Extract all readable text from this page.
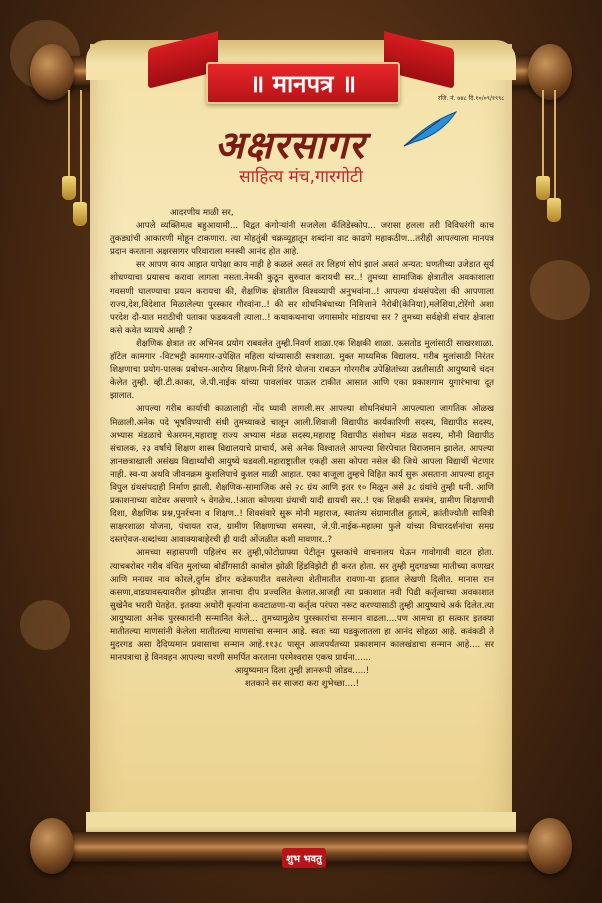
॥ मानपत्र ॥
रजि. नं. ७४८ दि.१०/०९/१९९८
अक्षरसागर
साहित्य मंच,गारगोटी

आदरणीय माळी सर,

आपले व्यक्तिमत्व बहुआयामी... विद्वत कंगोऱ्यांनी सजलेला कॅलिडेस्कोप... जरासा हलला तरी विविधरंगी काच तुकड्यांची आकारणी मोहून टाकणारा. त्या मोहतुंबी चक्रव्यूहातून शब्दांना वाट काढणे महाकठीण...तरीही आपल्याला मानपत्र प्रदान करताना अक्षरसागर परिवाराला मनस्वी आनंद होत आहे.

सर आपण काय आहात यापेक्षा काय नाही हे कळलं असतं तर लिहणं सोपं झालं असतं अन्यत: घणतीच्या उजेडात सूर्य शोधण्याचा प्रयासच करावा लागला नसता.नेमकी कुठून सुरुवात करायची सर..! तुमच्या सामाजिक क्षेत्रातील अवकाशाला गवसणी घालण्याचा प्रयत्न करायचा की, शैक्षणिक क्षेत्रातील विश्वव्यापी अनुभवांना..! आपल्या ग्रंथसंपदेला की आपणाला राज्य,देश,विदेशात मिळालेल्या पुरस्कार गौरवांना..! की सर शोधनिबंधाच्या निमित्ताने नैरोबी(केनिया),मलेशिया,टोरेंगो अशा परदेश दौ-यात मराठीची पताका फडकवली त्याला..! कथाकथनाचा जगासमोर मांडायचा सर ? तुमच्या सर्वक्षेत्री संचार क्षेत्राला कसे कवेत घ्यायचे आम्ही ?

शैक्षणिक क्षेत्रात तर अभिनव प्रयोग राबवलेत तुम्ही.निवर्ण शाळा.एक शिक्षकी शाळा. ऊसतोड मुलांसाठी साखरशाळा. हॉटेल कामगार -विटभट्टी कामगार-उपेक्षित महिला यांच्यासाठी सत्रशाळा. मुक्त माध्यमिक विद्यालय. गरीब मुलांसाठी निरंतर शिक्षणाचा प्रयोग-पालक प्रबोधन-आरोग्य शिक्षण-मिनी दिंगरे योजना राबऊन गोरगरीब उपेक्षितांच्या उन्नतीसाठी आयुष्याचे चंदन केलेत तुम्ही. व्ही.टी.काका, जे.पी.नाईक यांच्या पावलांवर पाऊल टाकीत आसात आणि एका प्रकाशगाम युगारंभाचा दूत झालात.

आपल्या गरीब कार्याची काळालाही नोंद घ्यावी लागली.सर आपल्या शोधनिबंधाने आपल्याला जागतिक ओळख मिळाली.अनेक पदे भूषविण्याची संधी तुमच्याकडे चालून आली.शिवाजी विद्यापीठ कार्यकारिणी सदस्य, विद्यापीठ सदस्य, अभ्यास मंडळाचे चेअरमन,महाराष्ट्र राज्य अभ्यास मंडळ सदस्य,महाराष्ट्र विद्यापीठ संशोधन मंडळ सदस्य, मौनी विद्यापीठ संचालक, २३ वर्षांचे शिक्षण शास्त्र विद्यालयाचे प्राचार्य, असे अनेक विश्वातले आपल्या शिरपेचात विराजमान झालेत. आपल्या ज्ञानछत्राखाली असंख्य विद्यार्थ्यांची आयुष्ये घडवली.महाराष्ट्रातील एकही असा कोपरा नसेल की जिथे आपला विद्यार्थी भेटणार नाही. स्व-या अथवि जीवनक्रम कुशलिपाचे कुशल माळी आहात. एका बाजूला तुम्हचे विहित कार्य सुरू असताना आपल्या हातून विपुल ग्रंथसंपदाही निर्माण झाली. शैक्षणिक-सामाजिक असे २८ ग्रंथ आणि इतर १० मिळून असे ३८ ग्रंथांचे तुम्ही धनी. आणि प्रकाशनाच्या वाटेवर असणारे ५ वेगळेच..!आता कोणत्या ग्रंथाची यादी द्यायची सर..! एक शिक्षकी सत्रमंत्र, ग्रामीण शिक्षणाची दिशा, शैक्षणिक प्रश्न,पुनर्रचना व शिक्षण..! शिवसंवारे सुरू मोनी महाराज, स्वातंत्र्य संग्रामातील हुतात्मे, क्रांतीज्योती सावित्री साक्षरशाळा योजना, पंचायत राज, ग्रामीण शिक्षणाच्या समस्या, जे.पी.नाईक-महात्मा फुले यांच्या विचारदर्शनांचा समग्र दस्तऐवज-शब्दांच्या आवाक्याबाहेरची ही यादी ओंजळीत कशी मावणार..?

आमच्या सहासपणी पहिलंच सर तुम्ही,फोटोग्राफ्या पेटीतून पुस्तकांचे वाचनालय घेऊन गावोगावी वाटत होता. त्याचबरोबर गरीब वंचित मुलांच्या बोर्डींगसाठी काबोल झोळी हिंडविझेटी ही करत होता. सर तुम्ही मुदगडच्या मातीच्या कणखर आणि मनावर नाव कोरले,दुर्गम डोंगर कडेकपारीत वसलेल्या शेतीमातीत रावणा-या हातात लेखणी दिलीत. मानास रान कसणा,वाडयावस्त्यावरील झोपडीत ज्ञानाचा दीप प्रज्वलित केलात.आजही त्या प्रकाशात नवी पिढी कर्तृत्वाच्या अवकाशात सुखेनैव भरारी घेतहेत. इतक्या अथोरी कृत्यांना कवटाळणा-या कर्तृत्व परंपरा नरूट करण्यासाठी तुम्ही आयुष्याचे अर्क दिलेत.त्या आयुष्याला अनेक पुरस्कारांनी सन्मानित केले... तुमच्यामुळेच पुरस्कारांचा सन्मान वाढला....पण आमचा हा सत्कार इतक्या मातीतल्या माणसांनी केलेला मातीतल्या माणसांचा सन्मान आहे. स्वतः च्या घडकुलातला हा आनंद सोहळा आहे. कवंकडी ते मुदरगड असा दैदिप्यमान प्रवासाचा सन्मान आहे.११३८ पासून आजपर्यंतच्या प्रकाशमान कालखंडाचा सन्मान आहे.... सर मानपत्राचा हे विनवहन आपल्या चरणी समर्पित करताना परमेश्वरास एकच प्रार्थना......

आयुष्यमान दिला तुम्ही ज्ञानरूपी जोडव.....!

शतकाने सर साजरा करा शुभेच्छा....!	© शुभेच्छा कलासागर
शुभ भवतु
